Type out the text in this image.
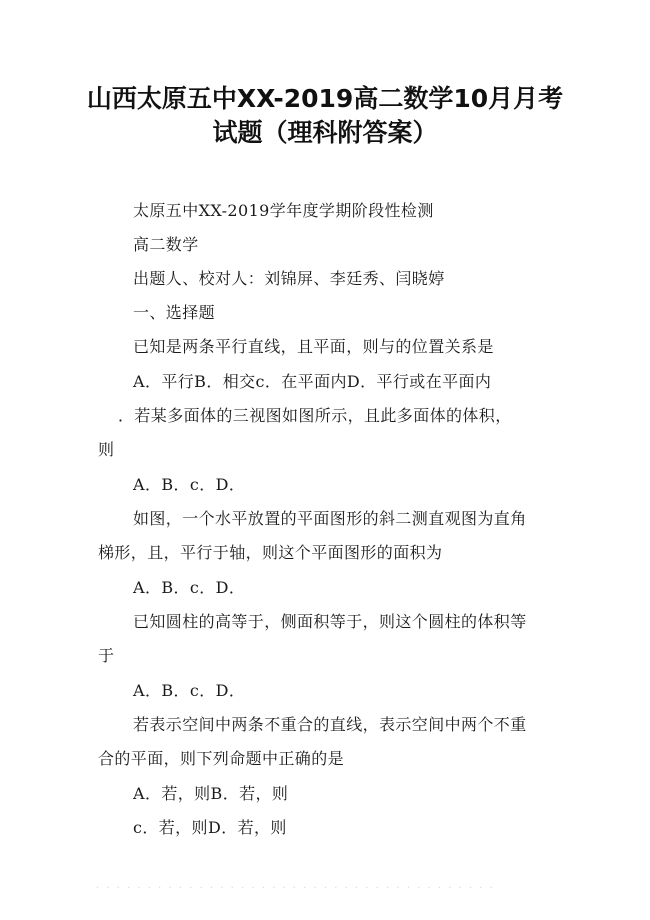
山西太原五中XX-2019高二数学10月月考
试题（理科附答案）
太原五中XX-2019学年度学期阶段性检测
高二数学
出题人、校对人：刘锦屏、李廷秀、闫晓婷
一、选择题
已知是两条平行直线，且平面，则与的位置关系是
A．平行B．相交c．在平面内D．平行或在平面内
．若某多面体的三视图如图所示，且此多面体的体积，
则
A．B．c．D．
如图，一个水平放置的平面图形的斜二测直观图为直角
梯形，且，平行于轴，则这个平面图形的面积为
A．B．c．D．
已知圆柱的高等于，侧面积等于，则这个圆柱的体积等
于
A．B．c．D．
若表示空间中两条不重合的直线，表示空间中两个不重
合的平面，则下列命题中正确的是
A．若，则B．若，则
c．若，则D．若，则
. . . . . . . . . . . . . . . . . . . . . . . . . . . . . . . . . . . . . . .
